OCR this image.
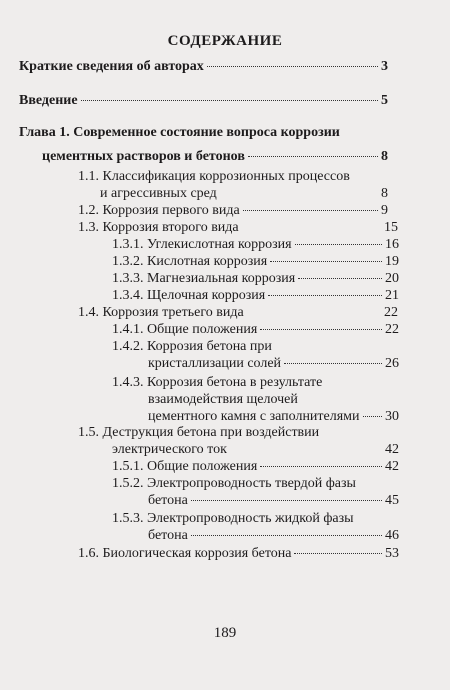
СОДЕРЖАНИЕ
Краткие сведения об авторах	3
Введение	5
Глава 1. Современное состояние вопроса коррозии
цементных растворов и бетонов	8
1.1. Классификация коррозионных процессов
и агрессивных сред	8
1.2. Коррозия первого вида	9
1.3. Коррозия второго вида	15
1.3.1. Углекислотная коррозия	16
1.3.2. Кислотная коррозия	19
1.3.3. Магнезиальная коррозия	20
1.3.4. Щелочная коррозия	21
1.4. Коррозия третьего вида	22
1.4.1. Общие положения	22
1.4.2. Коррозия бетона при
кристаллизации солей	26
1.4.3. Коррозия бетона в результате
взаимодействия щелочей
цементного камня с заполнителями 30
1.5. Деструкция бетона при воздействии
электрического ток	42
1.5.1. Общие положения	42
1.5.2. Электропроводность твердой фазы
бетона	45
1.5.3. Электропроводность жидкой фазы
бетона	46
1.6. Биологическая коррозия бетона	53
189
